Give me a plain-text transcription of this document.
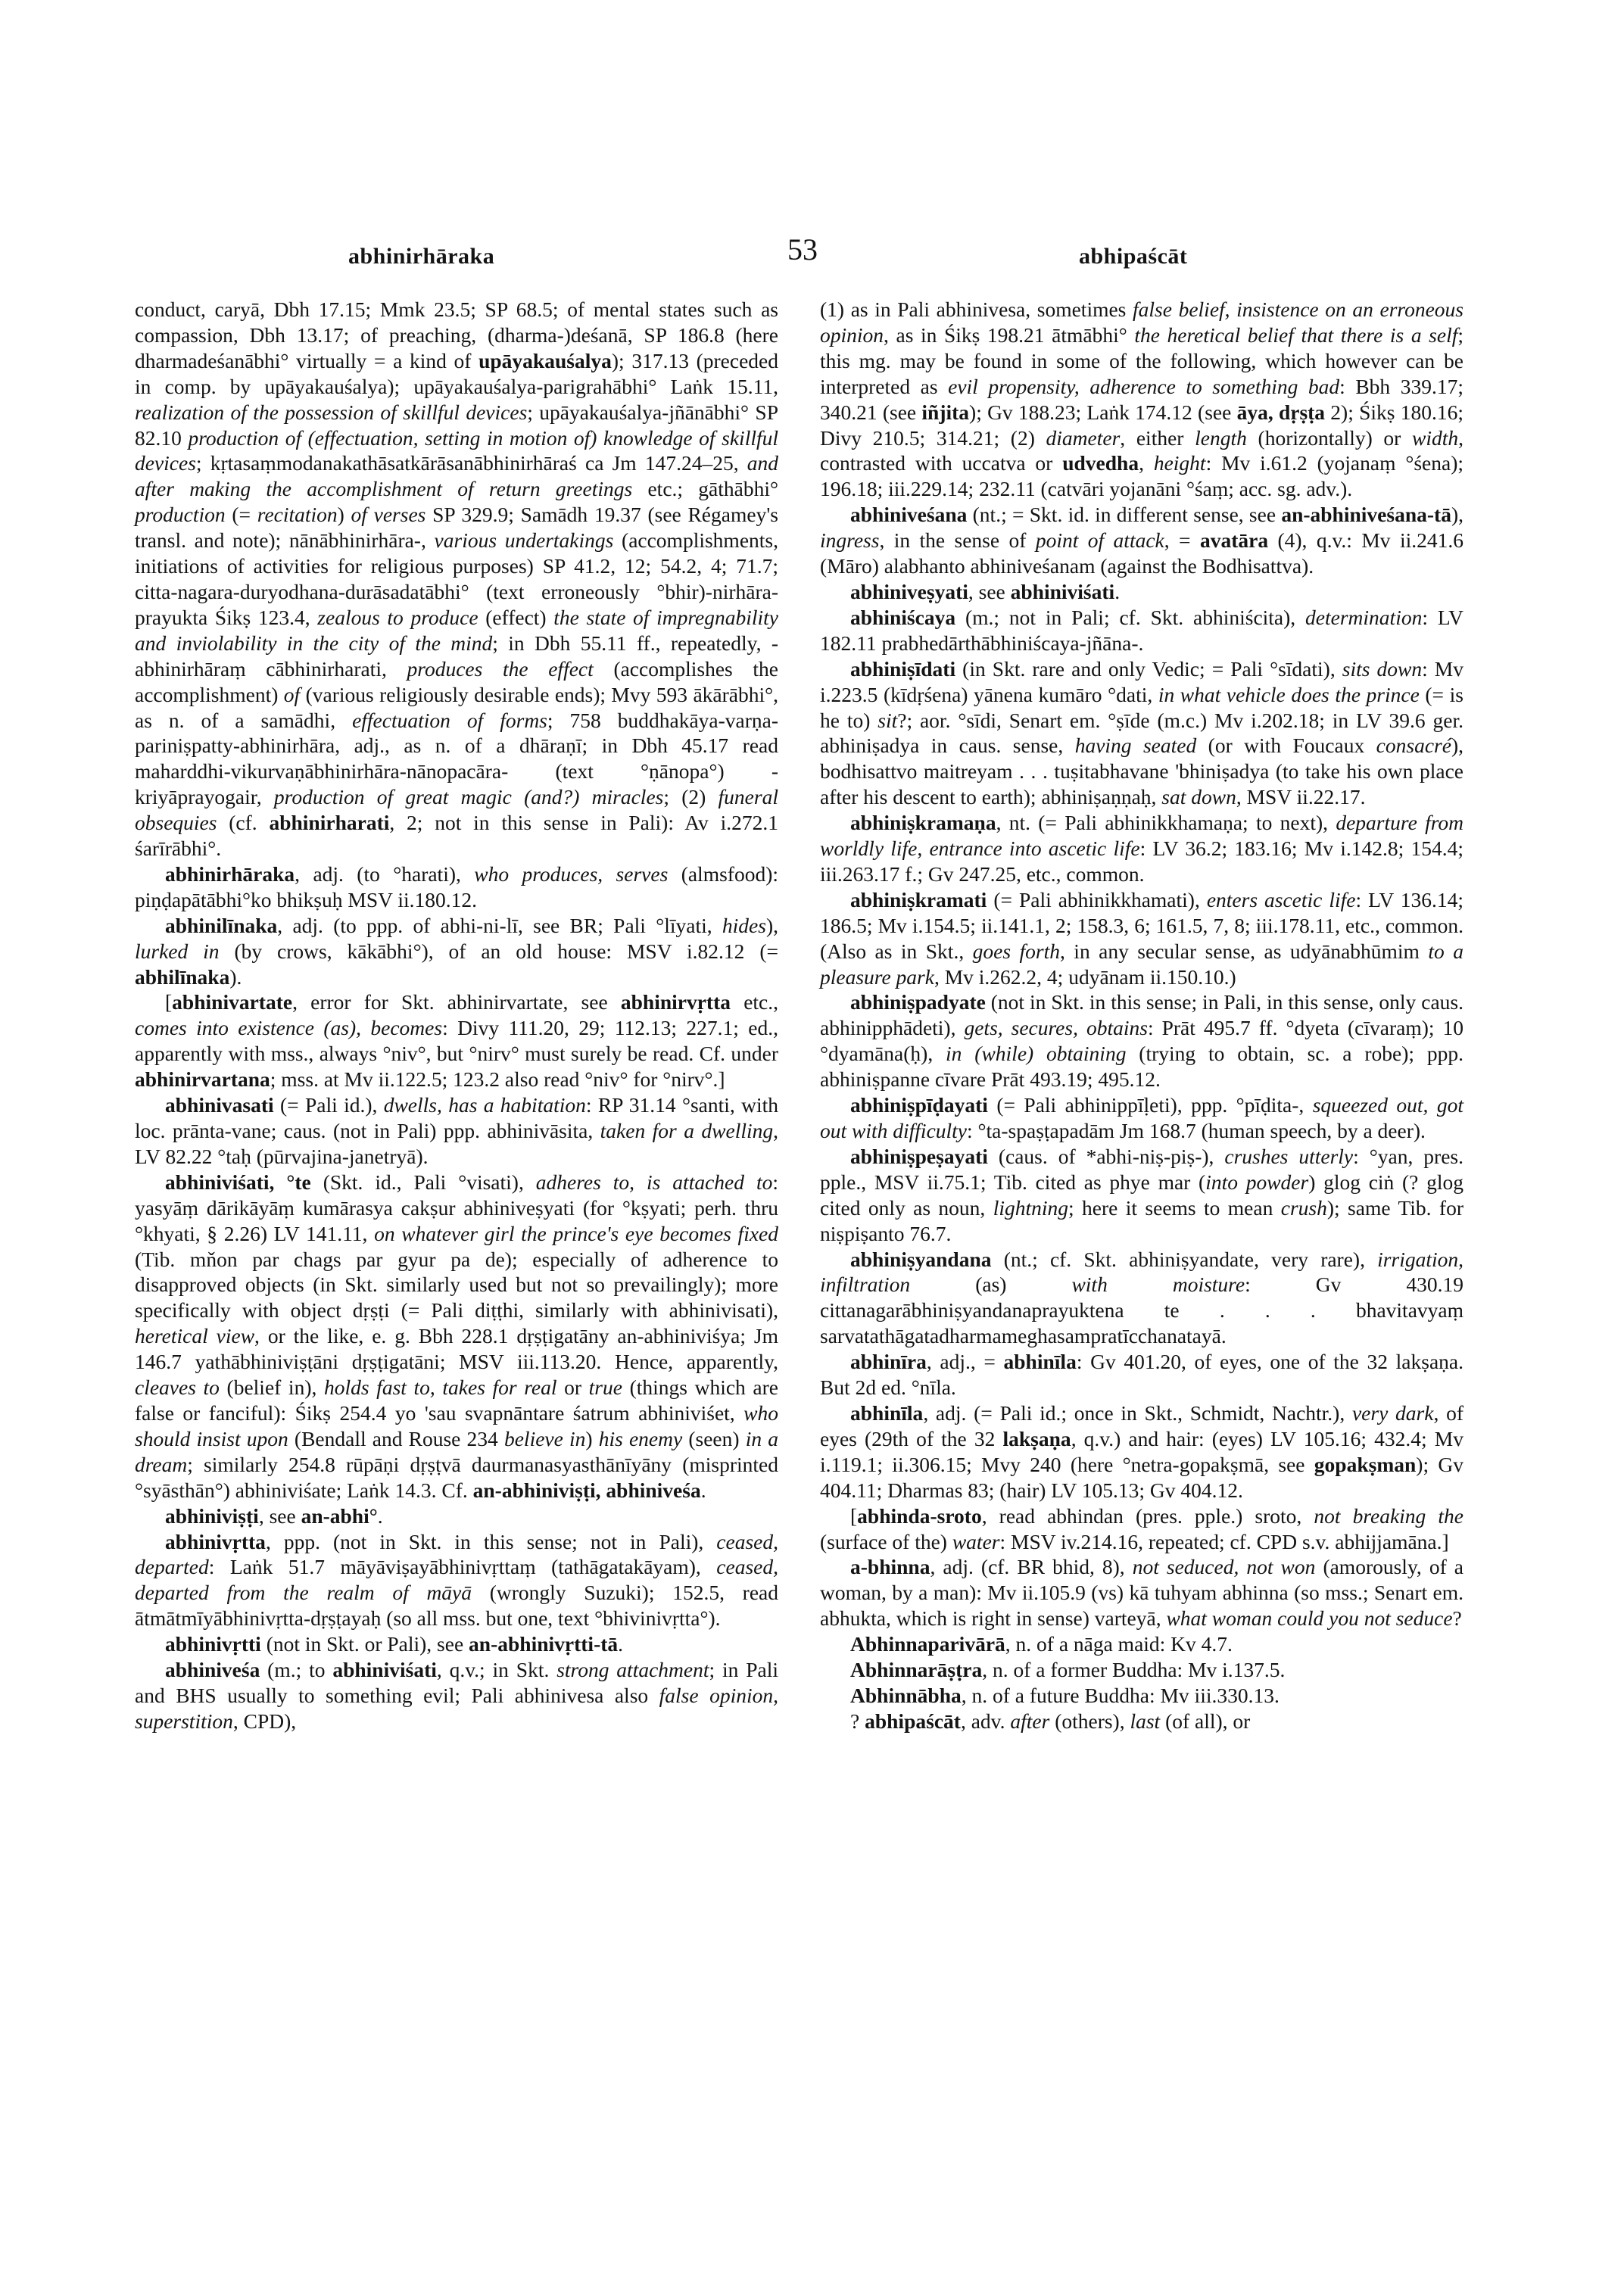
abhinirhāraka	53	abhipaścāt

conduct, caryā, Dbh 17.15; Mmk 23.5; SP 68.5; of mental states such as compassion, Dbh 13.17; of preaching, (dharma-)deśanā, SP 186.8 (here dharmadeśanābhi° virtually = a kind of upāyakauśalya); 317.13 (preceded in comp. by upāyakauśalya); upāyakauśalya-parigrahābhi° Laṅk 15.11, realization of the possession of skillful devices; upāyakauśalya-jñānābhi° SP 82.10 production of (effectuation, setting in motion of) knowledge of skillful devices; kṛtasaṃmodanakathāsatkārāsanābhinirhāraś ca Jm 147.24–25, and after making the accomplishment of return greetings etc.; gāthābhi° production (= recitation) of verses SP 329.9; Samādh 19.37 (see Régamey's transl. and note); nānābhinirhāra-, various undertakings (accomplishments, initiations of activities for religious purposes) SP 41.2, 12; 54.2, 4; 71.7; citta-nagara-duryodhana-durāsadatābhi° (text erroneously °bhir)-nirhāra-prayukta Śikṣ 123.4, zealous to produce (effect) the state of impregnability and inviolability in the city of the mind; in Dbh 55.11 ff., repeatedly, -abhinirhāraṃ cābhinirharati, produces the effect (accomplishes the accomplishment) of (various religiously desirable ends); Mvy 593 ākārābhi°, as n. of a samādhi, effectuation of forms; 758 buddhakāya-varṇa-pariniṣpatty-abhinirhāra, adj., as n. of a dhāraṇī; in Dbh 45.17 read maharddhi-vikurvaṇābhinirhāra-nānopacāra- (text °ṇānopa°) -kriyāprayogair, production of great magic (and?) miracles; (2) funeral obsequies (cf. abhinirharati, 2; not in this sense in Pali): Av i.272.1 śarīrābhi°.

abhinirhāraka, adj. (to °harati), who produces, serves (almsfood): piṇḍapātābhi°ko bhikṣuḥ MSV ii.180.12.

abhinilīnaka, adj. (to ppp. of abhi-ni-lī, see BR; Pali °līyati, hides), lurked in (by crows, kākābhi°), of an old house: MSV i.82.12 (= abhilīnaka).

[abhinivartate, error for Skt. abhinirvartate, see abhinirvṛtta etc., comes into existence (as), becomes: Divy 111.20, 29; 112.13; 227.1; ed., apparently with mss., always °niv°, but °nirv° must surely be read. Cf. under abhinirvartana; mss. at Mv ii.122.5; 123.2 also read °niv° for °nirv°.]

abhinivasati (= Pali id.), dwells, has a habitation: RP 31.14 °santi, with loc. prānta-vane; caus. (not in Pali) ppp. abhinivāsita, taken for a dwelling, LV 82.22 °taḥ (pūrvajina-janetryā).

abhiniviśati, °te (Skt. id., Pali °visati), adheres to, is attached to: yasyāṃ dārikāyāṃ kumārasya cakṣur abhiniveṣyati (for °kṣyati; perh. thru °khyati, § 2.26) LV 141.11, on whatever girl the prince's eye becomes fixed (Tib. mňon par chags par gyur pa de); especially of adherence to disapproved objects (in Skt. similarly used but not so prevailingly); more specifically with object dṛṣṭi (= Pali diṭṭhi, similarly with abhinivisati), heretical view, or the like, e. g. Bbh 228.1 dṛṣṭigatāny an-abhiniviśya; Jm 146.7 yathābhiniviṣṭāni dṛṣṭigatāni; MSV iii.113.20. Hence, apparently, cleaves to (belief in), holds fast to, takes for real or true (things which are false or fanciful): Śikṣ 254.4 yo 'sau svapnāntare śatrum abhiniviśet, who should insist upon (Bendall and Rouse 234 believe in) his enemy (seen) in a dream; similarly 254.8 rūpāṇi dṛṣṭvā daurmanasyasthānīyāny (misprinted °syāsthān°) abhiniviśate; Laṅk 14.3. Cf. an-abhiniviṣṭi, abhiniveśa.

abhiniviṣṭi, see an-abhi°.

abhinivṛtta, ppp. (not in Skt. in this sense; not in Pali), ceased, departed: Laṅk 51.7 māyāviṣayābhinivṛttaṃ (tathāgatakāyam), ceased, departed from the realm of māyā (wrongly Suzuki); 152.5, read ātmātmīyābhinivṛtta-dṛṣṭayaḥ (so all mss. but one, text °bhivinivṛtta°).

abhinivṛtti (not in Skt. or Pali), see an-abhinivṛtti-tā.

abhiniveśa (m.; to abhiniviśati, q.v.; in Skt. strong attachment; in Pali and BHS usually to something evil; Pali abhinivesa also false opinion, superstition, CPD),

(1) as in Pali abhinivesa, sometimes false belief, insistence on an erroneous opinion, as in Śikṣ 198.21 ātmābhi° the heretical belief that there is a self; this mg. may be found in some of the following, which however can be interpreted as evil propensity, adherence to something bad: Bbh 339.17; 340.21 (see iñjita); Gv 188.23; Laṅk 174.12 (see āya, dṛṣṭa 2); Śikṣ 180.16; Divy 210.5; 314.21; (2) diameter, either length (horizontally) or width, contrasted with uccatva or udvedha, height: Mv i.61.2 (yojanaṃ °śena); 196.18; iii.229.14; 232.11 (catvāri yojanāni °śaṃ; acc. sg. adv.).

abhiniveśana (nt.; = Skt. id. in different sense, see an-abhiniveśana-tā), ingress, in the sense of point of attack, = avatāra (4), q.v.: Mv ii.241.6 (Māro) alabhanto abhiniveśanam (against the Bodhisattva).

abhiniveṣyati, see abhiniviśati.

abhiniścaya (m.; not in Pali; cf. Skt. abhiniścita), determination: LV 182.11 prabhedārthābhiniścaya-jñāna-.

abhiniṣīdati (in Skt. rare and only Vedic; = Pali °sīdati), sits down: Mv i.223.5 (kīdṛśena) yānena kumāro °dati, in what vehicle does the prince (= is he to) sit?; aor. °sīdi, Senart em. °ṣīde (m.c.) Mv i.202.18; in LV 39.6 ger. abhiniṣadya in caus. sense, having seated (or with Foucaux consacré), bodhisattvo maitreyam . . . tuṣitabhavane 'bhiniṣadya (to take his own place after his descent to earth); abhiniṣaṇṇaḥ, sat down, MSV ii.22.17.

abhiniṣkramaṇa, nt. (= Pali abhinikkhamaṇa; to next), departure from worldly life, entrance into ascetic life: LV 36.2; 183.16; Mv i.142.8; 154.4; iii.263.17 f.; Gv 247.25, etc., common.

abhiniṣkramati (= Pali abhinikkhamati), enters ascetic life: LV 136.14; 186.5; Mv i.154.5; ii.141.1, 2; 158.3, 6; 161.5, 7, 8; iii.178.11, etc., common. (Also as in Skt., goes forth, in any secular sense, as udyānabhūmim to a pleasure park, Mv i.262.2, 4; udyānam ii.150.10.)

abhiniṣpadyate (not in Skt. in this sense; in Pali, in this sense, only caus. abhinipphādeti), gets, secures, obtains: Prāt 495.7 ff. °dyeta (cīvaraṃ); 10 °dyamāna(ḥ), in (while) obtaining (trying to obtain, sc. a robe); ppp. abhiniṣpanne cīvare Prāt 493.19; 495.12.

abhiniṣpīḍayati (= Pali abhinippīḷeti), ppp. °pīḍita-, squeezed out, got out with difficulty: °ta-spaṣṭapadām Jm 168.7 (human speech, by a deer).

abhiniṣpeṣayati (caus. of *abhi-niṣ-piṣ-), crushes utterly: °yan, pres. pple., MSV ii.75.1; Tib. cited as phye mar (into powder) glog ciṅ (? glog cited only as noun, lightning; here it seems to mean crush); same Tib. for niṣpiṣanto 76.7.

abhiniṣyandana (nt.; cf. Skt. abhiniṣyandate, very rare), irrigation, infiltration (as) with moisture: Gv 430.19 cittanagarābhiniṣyandanaprayuktena te . . . bhavitavyaṃ sarvatathāgatadharmameghasampratīcchanatayā.

abhinīra, adj., = abhinīla: Gv 401.20, of eyes, one of the 32 lakṣaṇa. But 2d ed. °nīla.

abhinīla, adj. (= Pali id.; once in Skt., Schmidt, Nachtr.), very dark, of eyes (29th of the 32 lakṣaṇa, q.v.) and hair: (eyes) LV 105.16; 432.4; Mv i.119.1; ii.306.15; Mvy 240 (here °netra-gopakṣmā, see gopakṣman); Gv 404.11; Dharmas 83; (hair) LV 105.13; Gv 404.12.

[abhinda-sroto, read abhindan (pres. pple.) sroto, not breaking the (surface of the) water: MSV iv.214.16, repeated; cf. CPD s.v. abhijjamāna.]

a-bhinna, adj. (cf. BR bhid, 8), not seduced, not won (amorously, of a woman, by a man): Mv ii.105.9 (vs) kā tuhyam abhinna (so mss.; Senart em. abhukta, which is right in sense) varteyā, what woman could you not seduce?

Abhinnaparivārā, n. of a nāga maid: Kv 4.7.

Abhinnarāṣṭra, n. of a former Buddha: Mv i.137.5.

Abhinnābha, n. of a future Buddha: Mv iii.330.13.

? abhipaścāt, adv. after (others), last (of all), or
